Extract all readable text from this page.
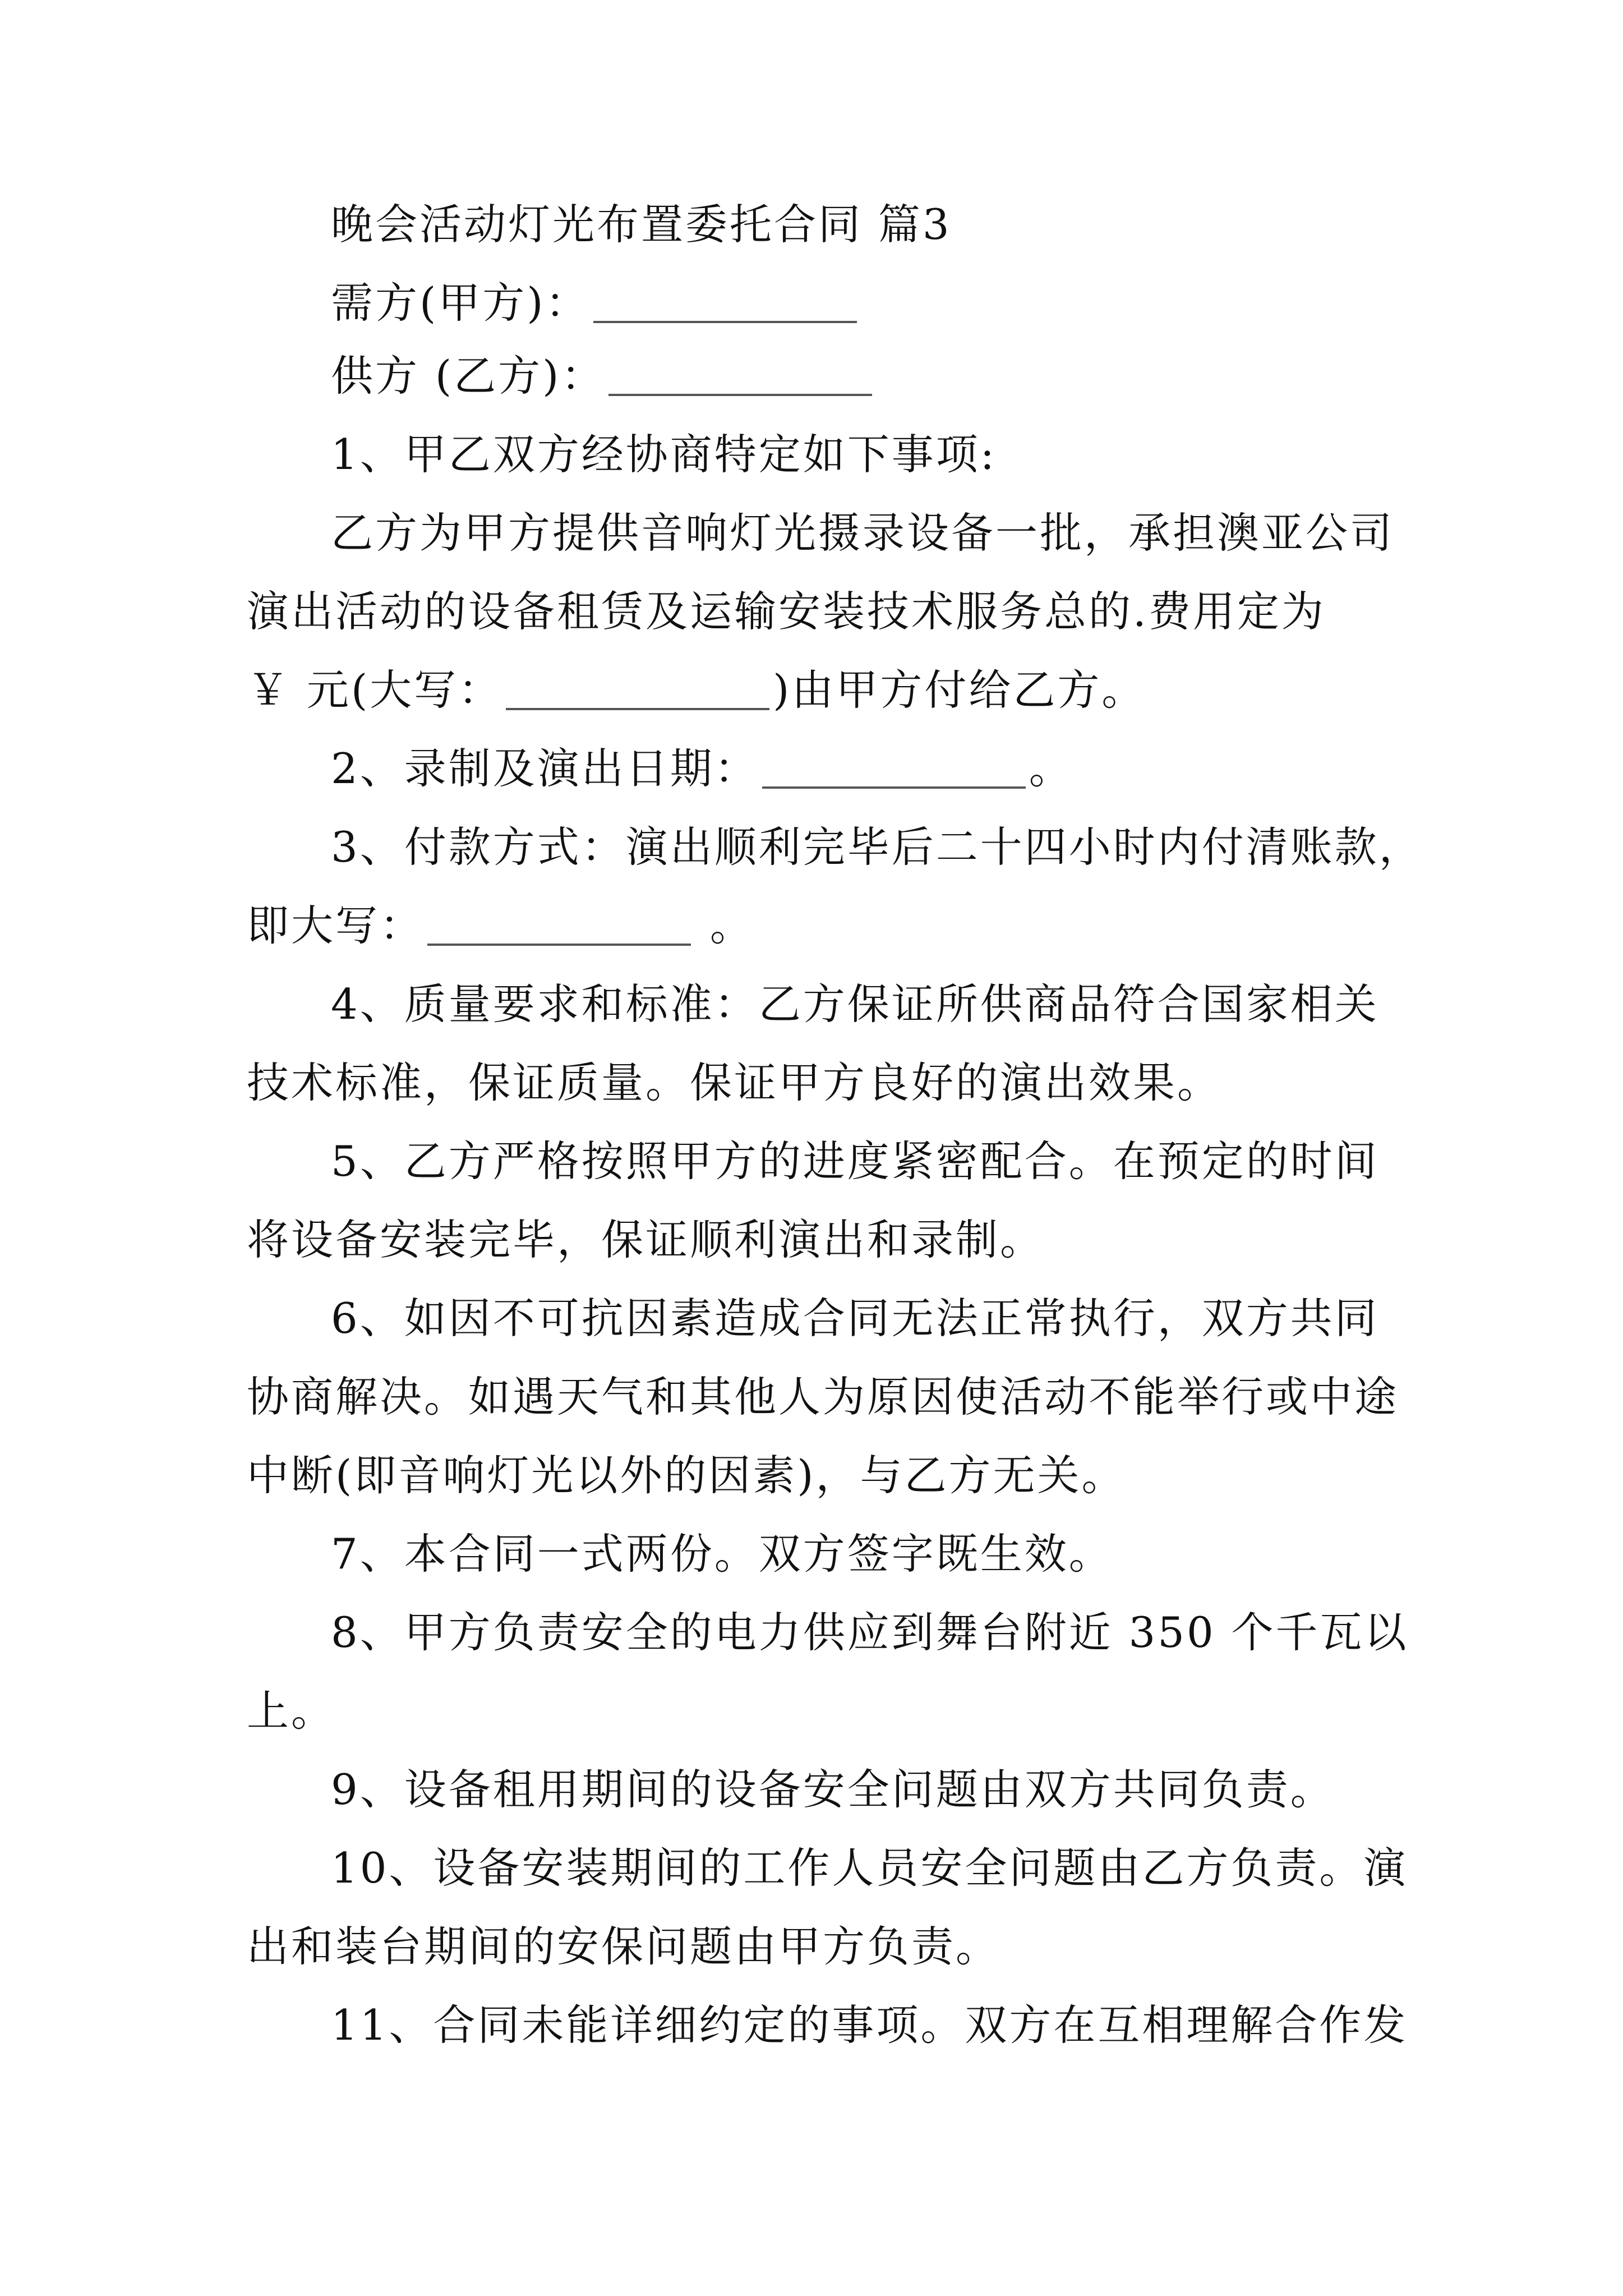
晚会活动灯光布置委托合同 篇3
需方(甲方)：
供方 (乙方)：
1、甲乙双方经协商特定如下事项:
乙方为甲方提供音响灯光摄录设备一批，承担澳亚公司
演出活动的设备租赁及运输安装技术服务总的.费用定为
￥ 元(大写：	)由甲方付给乙方。
2、录制及演出日期：	。
3、付款方式：演出顺利完毕后二十四小时内付清账款，
即大写：	。
4、质量要求和标准：乙方保证所供商品符合国家相关
技术标准，保证质量。保证甲方良好的演出效果。
5、乙方严格按照甲方的进度紧密配合。在预定的时间
将设备安装完毕，保证顺利演出和录制。
6、如因不可抗因素造成合同无法正常执行，双方共同
协商解决。如遇天气和其他人为原因使活动不能举行或中途
中断(即音响灯光以外的因素)，与乙方无关。
7、本合同一式两份。双方签字既生效。
8、甲方负责安全的电力供应到舞台附近 350 个千瓦以
上。
9、设备租用期间的设备安全问题由双方共同负责。
10、设备安装期间的工作人员安全问题由乙方负责。演
出和装台期间的安保问题由甲方负责。
11、合同未能详细约定的事项。双方在互相理解合作发
